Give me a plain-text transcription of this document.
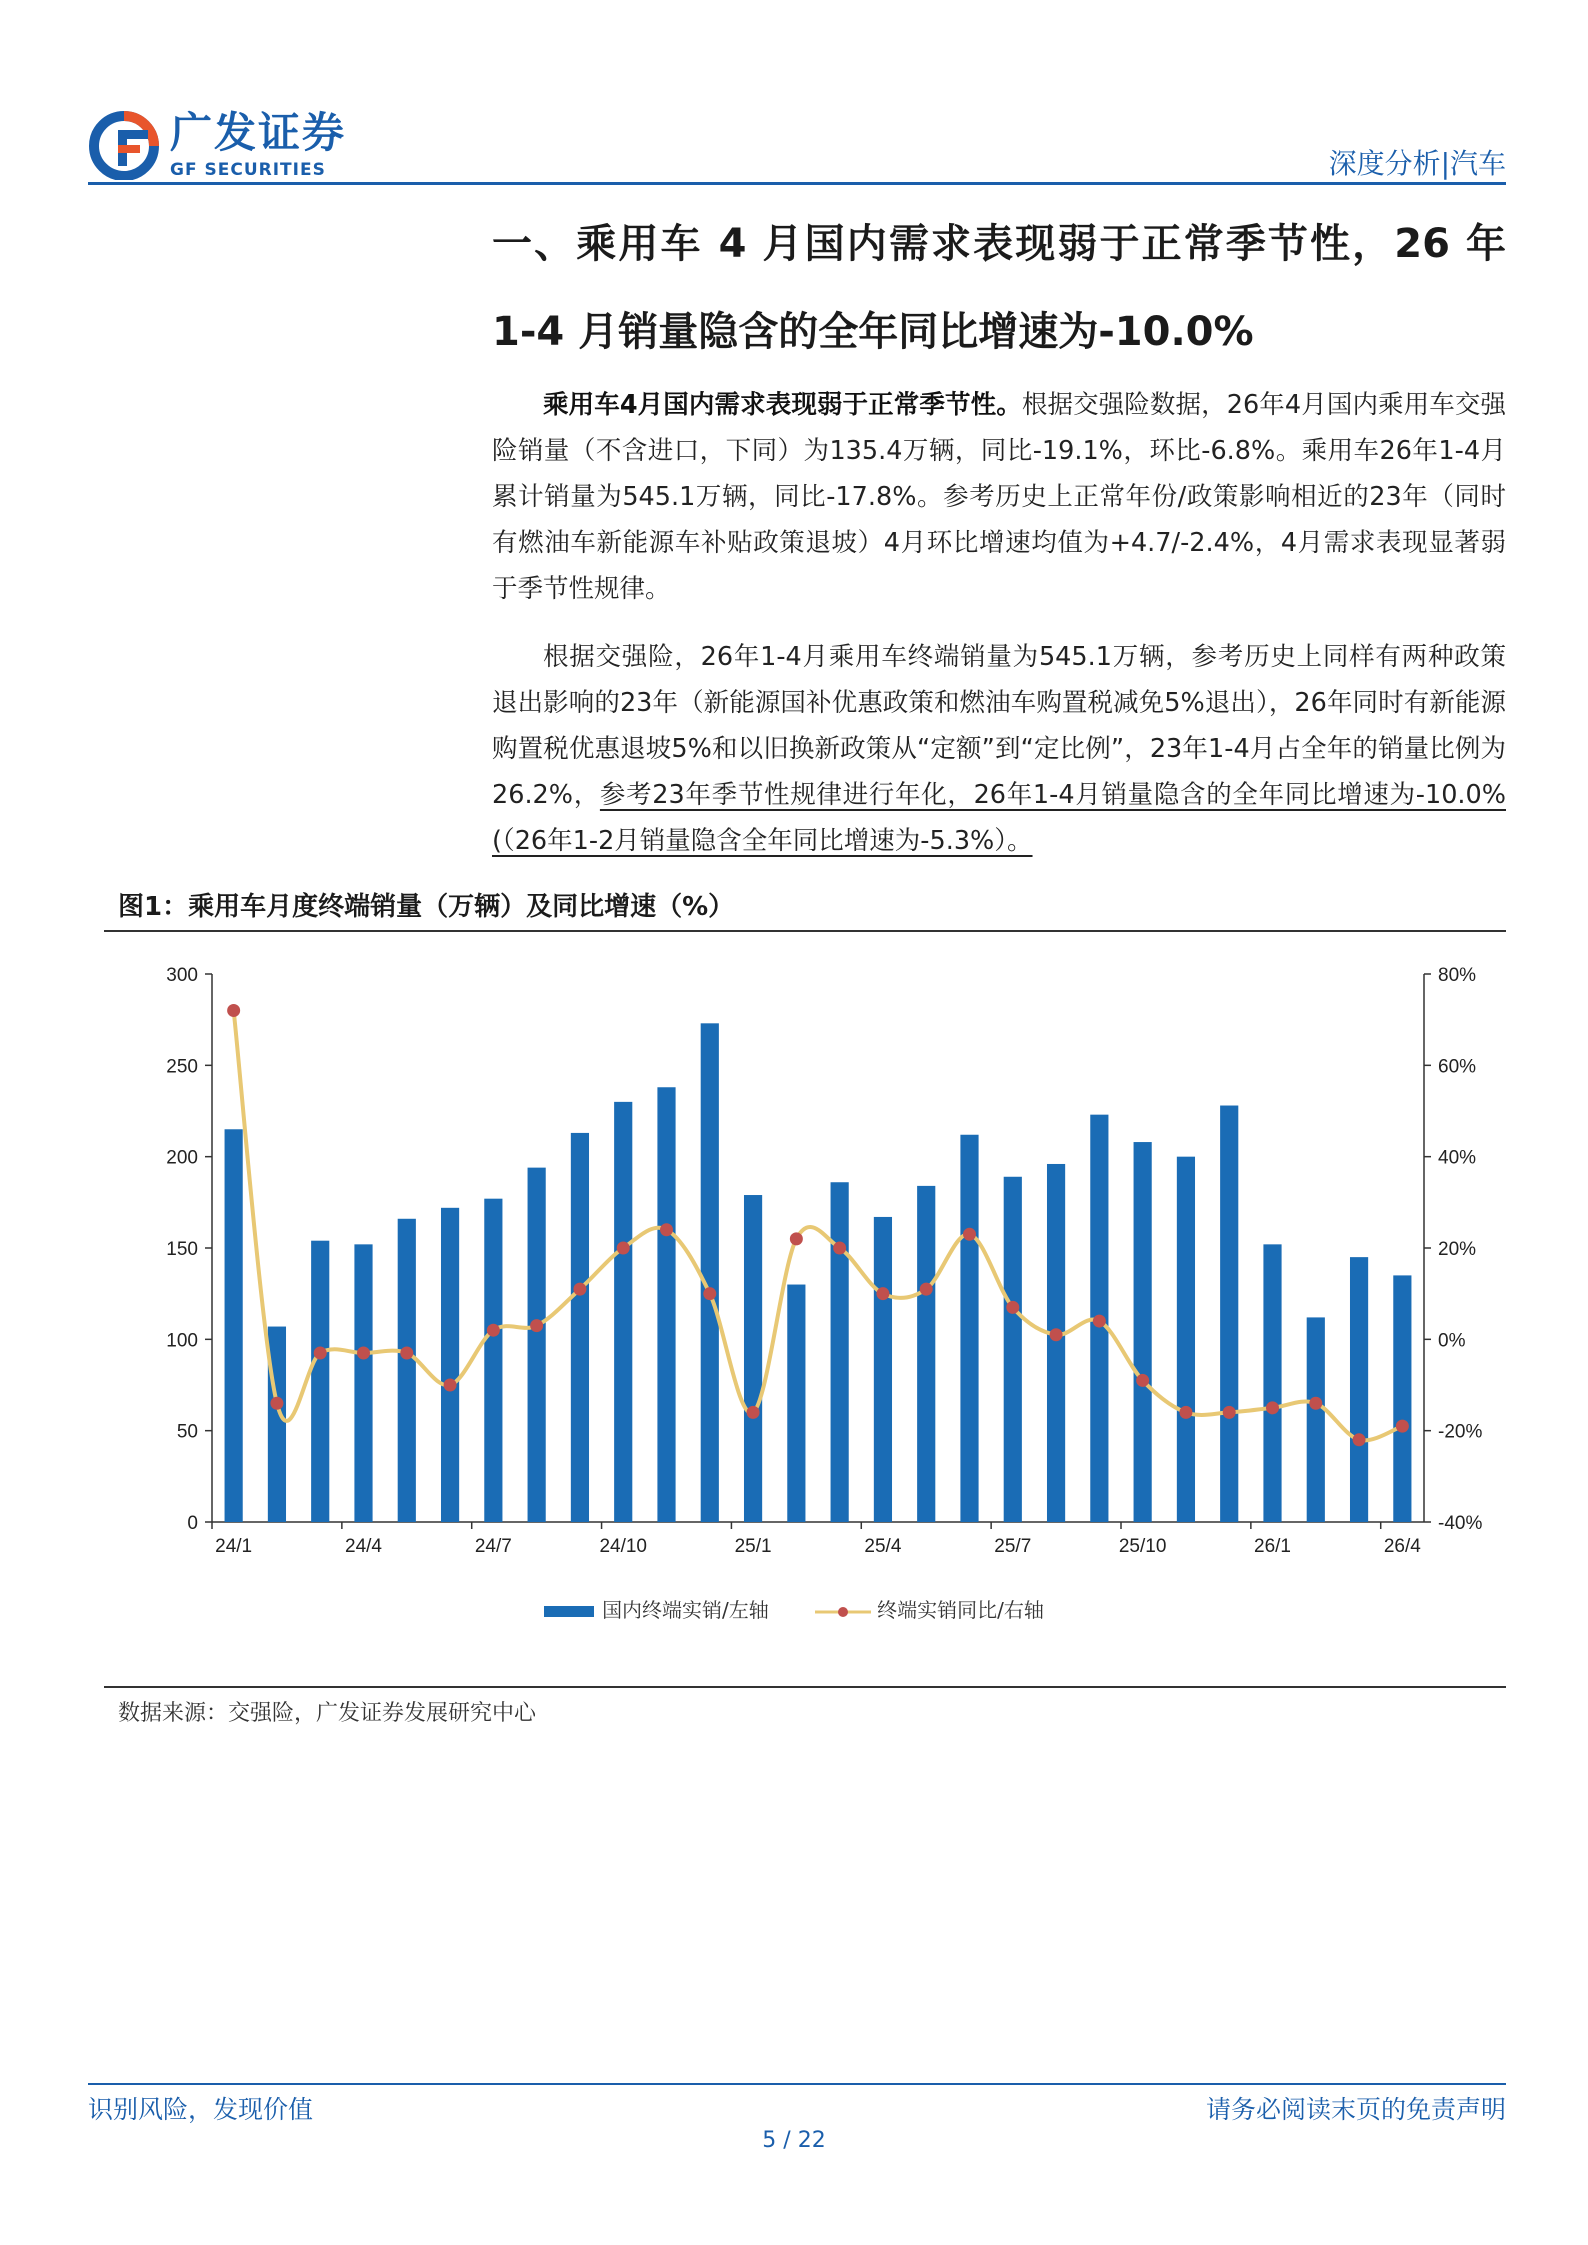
广发证券
GF SECURITIES	深度分析|汽车
一、乘用车 4 月国内需求表现弱于正常季节性，26 年 1-4 月销量隐含的全年同比增速为-10.0%
乘用车4月国内需求表现弱于正常季节性。根据交强险数据，26年4月国内乘用车交强险销量（不含进口，下同）为135.4万辆，同比-19.1%，环比-6.8%。乘用车26年1-4月累计销量为545.1万辆，同比-17.8%。参考历史上正常年份/政策影响相近的23年（同时有燃油车新能源车补贴政策退坡）4月环比增速均值为+4.7/-2.4%，4月需求表现显著弱于季节性规律。
根据交强险，26年1-4月乘用车终端销量为545.1万辆，参考历史上同样有两种政策退出影响的23年（新能源国补优惠政策和燃油车购置税减免5%退出），26年同时有新能源购置税优惠退坡5%和以旧换新政策从“定额”到“定比例”，23年1-4月占全年的销量比例为26.2%，参考23年季节性规律进行年化，26年1-4月销量隐含的全年同比增速为-10.0%(（26年1-2月销量隐含全年同比增速为-5.3%）。
图1：乘用车月度终端销量（万辆）及同比增速（%）
0
50
100
150
200
250
300
-40%
-20%
0%
20%
40%
60%
80%
24/1	24/4	24/7	24/10	25/1	25/4	25/7	25/10	26/1	26/4
国内终端实销/左轴	终端实销同比/右轴
数据来源：交强险，广发证券发展研究中心
识别风险，发现价值	请务必阅读末页的免责声明
5 / 22
